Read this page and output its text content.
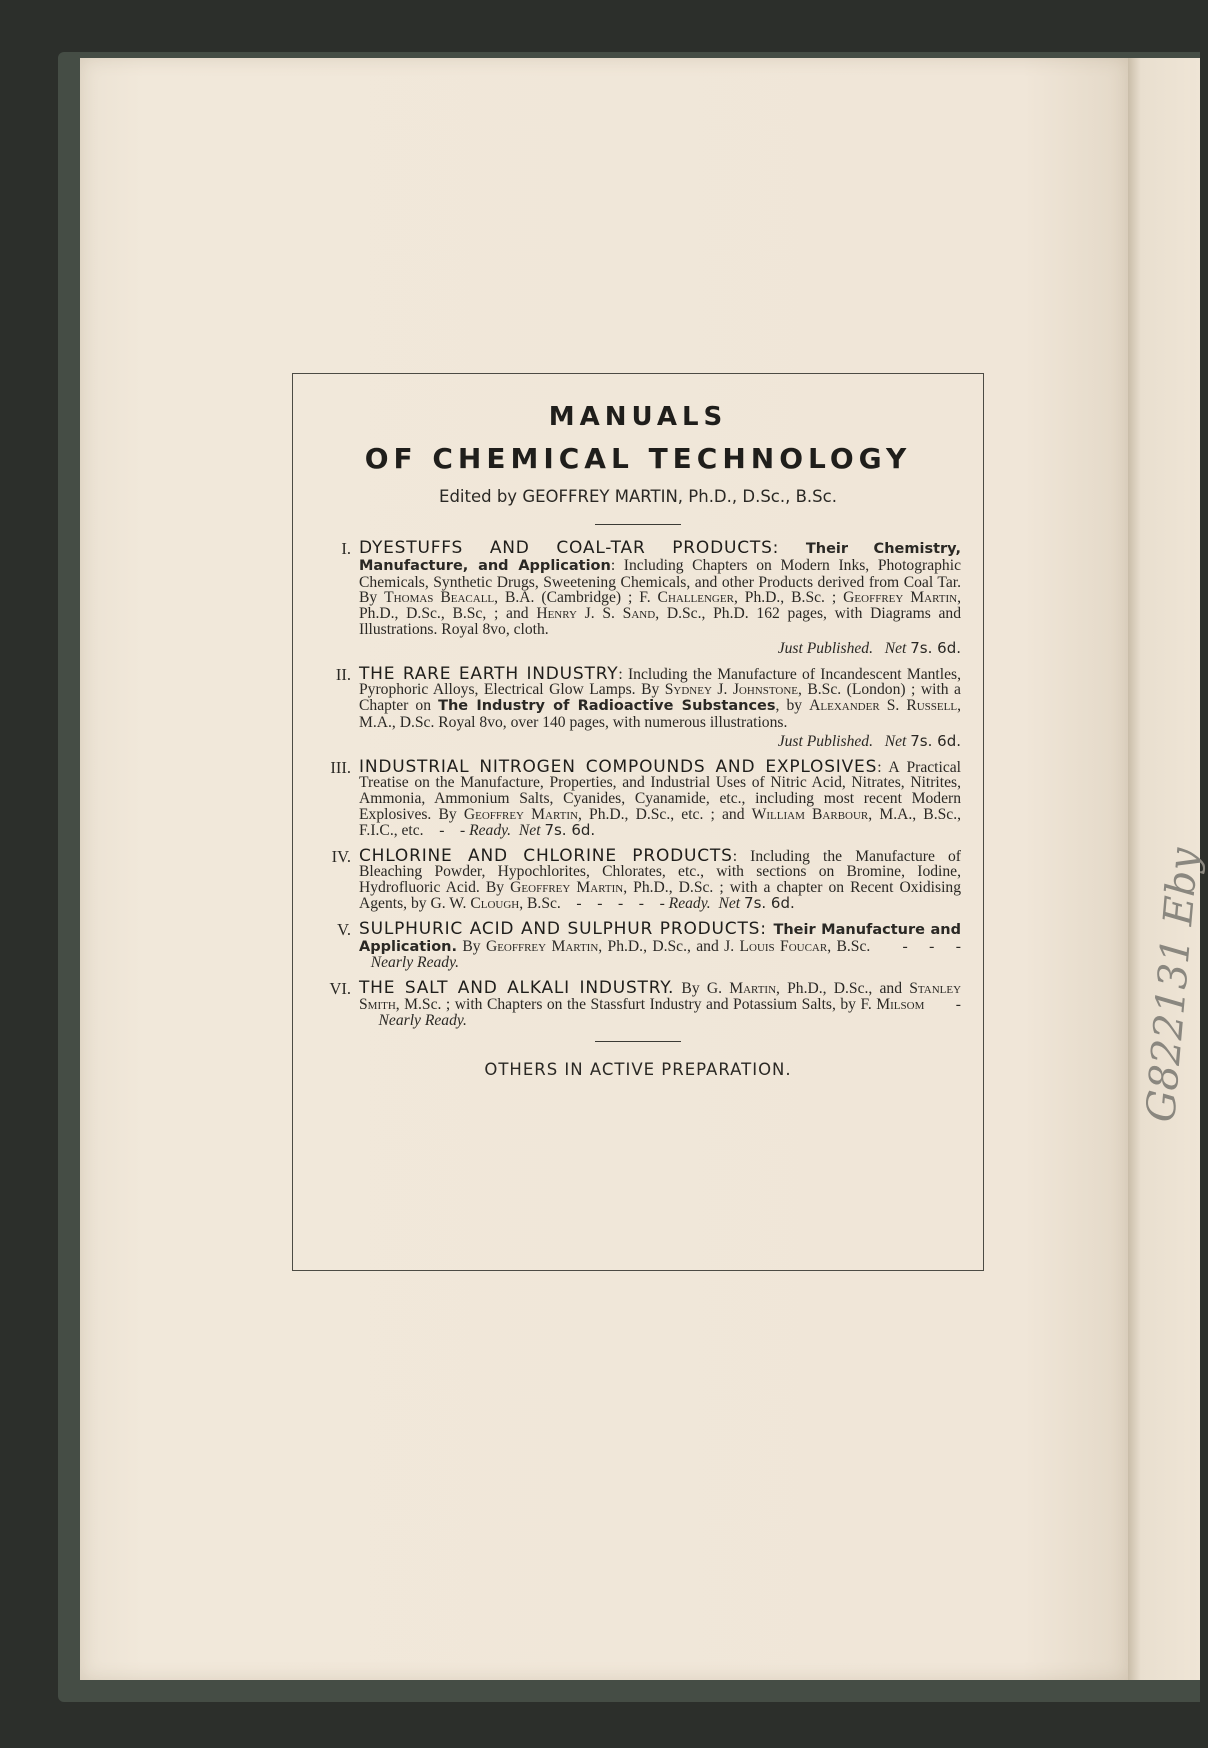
MANUALS
OF CHEMICAL TECHNOLOGY
Edited by GEOFFREY MARTIN, Ph.D., D.Sc., B.Sc.
I. DYESTUFFS AND COAL-TAR PRODUCTS: Their Chemistry, Manufacture, and Application: Including Chapters on Modern Inks, Photographic Chemicals, Synthetic Drugs, Sweetening Chemicals, and other Products derived from Coal Tar. By Thomas Beacall, B.A. (Cambridge) ; F. Challenger, Ph.D., B.Sc. ; Geoffrey Martin, Ph.D., D.Sc., B.Sc, ; and Henry J. S. Sand, D.Sc., Ph.D. 162 pages, with Diagrams and Illustrations. Royal 8vo, cloth.
Just Published. Net 7s. 6d.
II. THE RARE EARTH INDUSTRY: Including the Manufacture of Incandescent Mantles, Pyrophoric Alloys, Electrical Glow Lamps. By Sydney J. Johnstone, B.Sc. (London) ; with a Chapter on The Industry of Radioactive Substances, by Alexander S. Russell, M.A., D.Sc. Royal 8vo, over 140 pages, with numerous illustrations.
Just Published. Net 7s. 6d.
III. INDUSTRIAL NITROGEN COMPOUNDS AND EXPLOSIVES: A Practical Treatise on the Manufacture, Properties, and Industrial Uses of Nitric Acid, Nitrates, Nitrites, Ammonia, Ammonium Salts, Cyanides, Cyanamide, etc., including most recent Modern Explosives. By Geoffrey Martin, Ph.D., D.Sc., etc. ; and William Barbour, M.A., B.Sc., F.I.C., etc. -    - Ready. Net 7s. 6d.
IV. CHLORINE AND CHLORINE PRODUCTS: Including the Manufacture of Bleaching Powder, Hypochlorites, Chlorates, etc., with sections on Bromine, Iodine, Hydrofluoric Acid. By Geoffrey Martin, Ph.D., D.Sc. ; with a chapter on Recent Oxidising Agents, by G. W. Clough, B.Sc. -    -    -    -    - Ready. Net 7s. 6d.
V. SULPHURIC ACID AND SULPHUR PRODUCTS: Their Manufacture and Application. By Geoffrey Martin, Ph.D., D.Sc., and J. Louis Foucar, B.Sc. -    -    -   Nearly Ready.
VI. THE SALT AND ALKALI INDUSTRY. By G. Martin, Ph.D., D.Sc., and Stanley Smith, M.Sc. ; with Chapters on the Stassfurt Industry and Potassium Salts, by F. Milsom -     Nearly Ready.
OTHERS IN ACTIVE PREPARATION.	G822131 Eby
